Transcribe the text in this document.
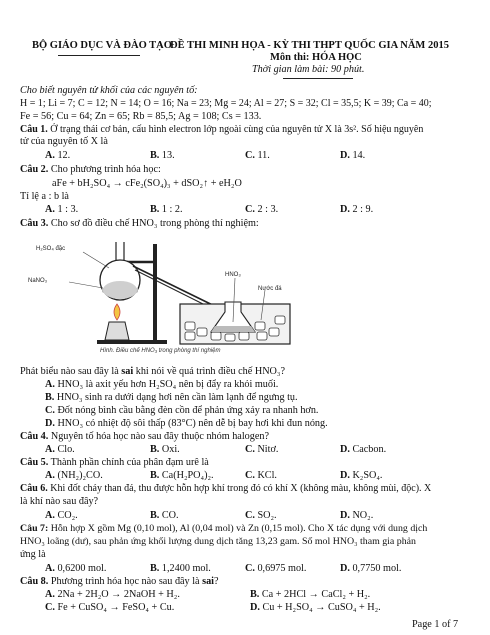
BỘ GIÁO DỤC VÀ ĐÀO TẠO
ĐỀ THI MINH HỌA - KỲ THI THPT QUỐC GIA NĂM 2015
Môn thi: HÓA HỌC
Thời gian làm bài: 90 phút.
Cho biết nguyên tử khối của các nguyên tố:
H = 1; Li = 7; C = 12; N = 14; O = 16; Na = 23; Mg = 24; Al = 27; S = 32; Cl = 35,5; K = 39; Ca = 40;
Fe = 56; Cu = 64; Zn = 65; Rb = 85,5; Ag = 108; Cs = 133.
Câu 1. Ở trạng thái cơ bản, cấu hình electron lớp ngoài cùng của nguyên tử X là 3s². Số hiệu nguyên
tử của nguyên tố X là
A. 12.	B. 13.	C. 11.	D. 14.
Câu 2. Cho phương trình hóa học:
aFe + bH₂SO₄ → cFe₂(SO₄)₃ + dSO₂↑ + eH₂O
Tỉ lệ a : b là
A. 1 : 3.	B. 1 : 2.	C. 2 : 3.	D. 2 : 9.
Câu 3. Cho sơ đồ điều chế HNO₃ trong phòng thí nghiệm:
H₂SO₄ đặc
NaNO₃
HNO₃
Nước đá
Hình. Điều chế HNO₃ trong phòng thí nghiệm
Phát biểu nào sau đây là sai khi nói về quá trình điều chế HNO₃?
A. HNO₃ là axit yếu hơn H₂SO₄ nên bị đẩy ra khỏi muối.
B. HNO₃ sinh ra dưới dạng hơi nên cần làm lạnh để ngưng tụ.
C. Đốt nóng bình cầu bằng đèn cồn để phản ứng xảy ra nhanh hơn.
D. HNO₃ có nhiệt độ sôi thấp (83°C) nên dễ bị bay hơi khi đun nóng.
Câu 4. Nguyên tố hóa học nào sau đây thuộc nhóm halogen?
A. Clo.	B. Oxi.	C. Nitơ.	D. Cacbon.
Câu 5. Thành phần chính của phân đạm urê là
A. (NH₂)₂CO.	B. Ca(H₂PO₄)₂.	C. KCl.	D. K₂SO₄.
Câu 6. Khi đốt cháy than đá, thu được hỗn hợp khí trong đó có khí X (không màu, không mùi, độc). X
là khí nào sau đây?
A. CO₂.	B. CO.	C. SO₂.	D. NO₂.
Câu 7: Hỗn hợp X gồm Mg (0,10 mol), Al (0,04 mol) và Zn (0,15 mol). Cho X tác dụng với dung dịch
HNO₃ loãng (dư), sau phản ứng khối lượng dung dịch tăng 13,23 gam. Số mol HNO₃ tham gia phản
ứng là
A. 0,6200 mol.	B. 1,2400 mol.	C. 0,6975 mol.	D. 0,7750 mol.
Câu 8. Phương trình hóa học nào sau đây là sai?
A. 2Na + 2H₂O → 2NaOH + H₂.	B. Ca + 2HCl → CaCl₂ + H₂.
C. Fe + CuSO₄ → FeSO₄ + Cu.	D. Cu + H₂SO₄ → CuSO₄ + H₂.
Page 1 of 7
